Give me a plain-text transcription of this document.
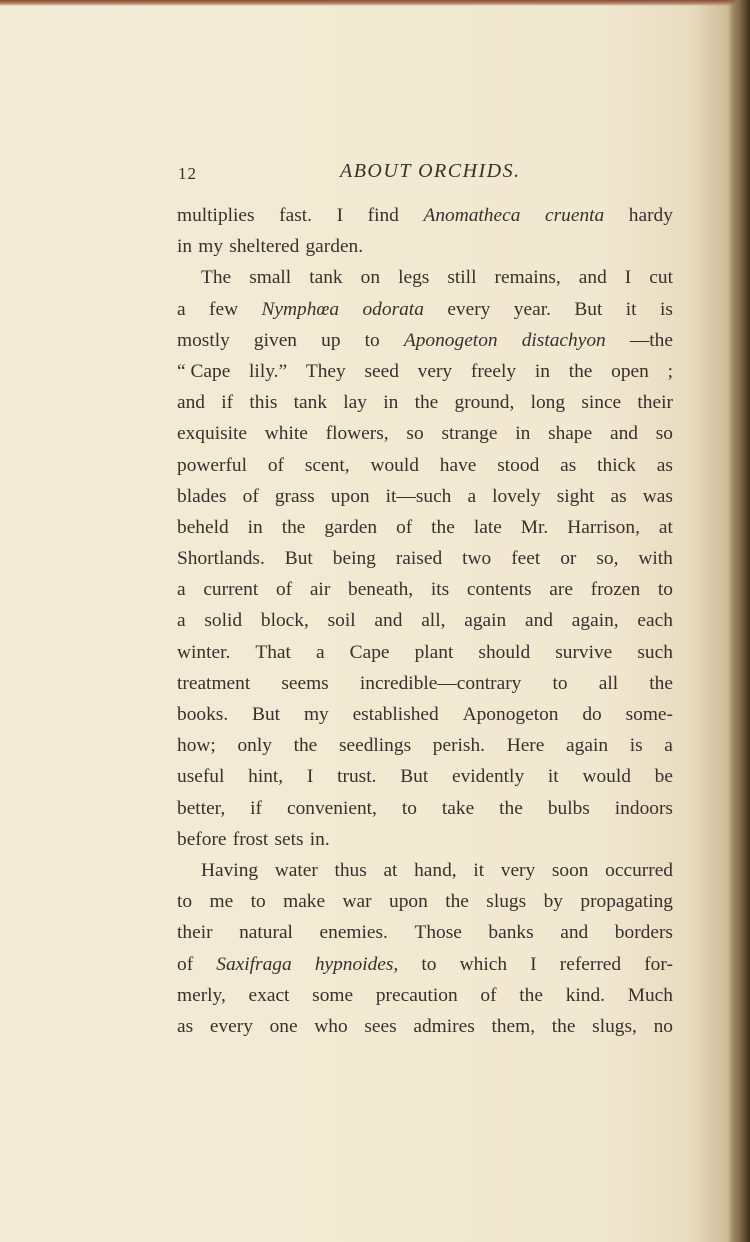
12	ABOUT ORCHIDS.
multiplies fast. I find Anomatheca cruenta hardy
in my sheltered garden.
The small tank on legs still remains, and I cut
a few Nymphœa odorata every year. But it is
mostly given up to Aponogeton distachyon —the
“ Cape lily.” They seed very freely in the open ;
and if this tank lay in the ground, long since their
exquisite white flowers, so strange in shape and so
powerful of scent, would have stood as thick as
blades of grass upon it—such a lovely sight as was
beheld in the garden of the late Mr. Harrison, at
Shortlands. But being raised two feet or so, with
a current of air beneath, its contents are frozen to
a solid block, soil and all, again and again, each
winter. That a Cape plant should survive such
treatment seems incredible—contrary to all the
books. But my established Aponogeton do some-
how; only the seedlings perish. Here again is a
useful hint, I trust. But evidently it would be
better, if convenient, to take the bulbs indoors
before frost sets in.
Having water thus at hand, it very soon occurred
to me to make war upon the slugs by propagating
their natural enemies. Those banks and borders
of Saxifraga hypnoides, to which I referred for-
merly, exact some precaution of the kind. Much
as every one who sees admires them, the slugs, no
